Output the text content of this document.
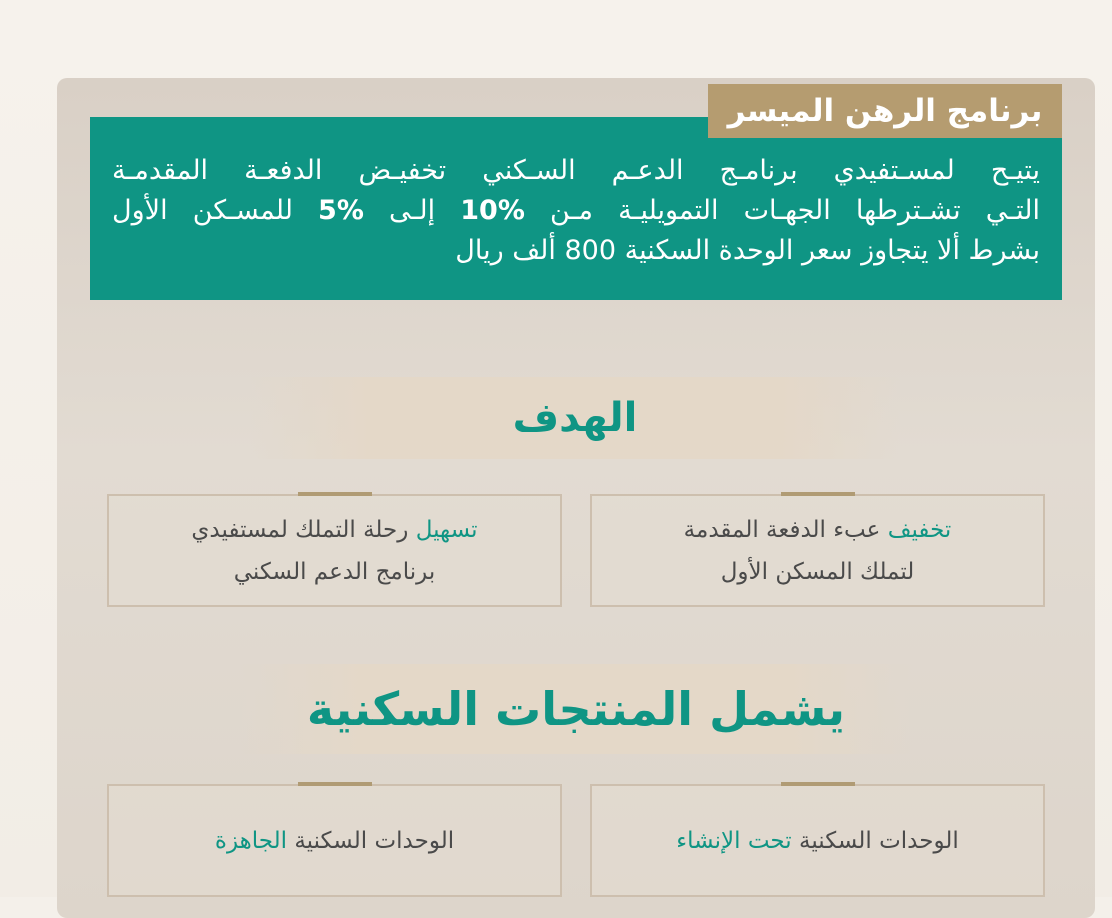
برنامج الرهن الميسر
يتيـح
لمسـتفيدي
برنامـج
الدعـم
السـكني
تخفيـض
الدفعـة
المقدمـة
التـي
تشـترطها
الجهـات
التمويليـة
مـن
10%
إلـى
5%
للمسـكن
الأول
بشرط ألا يتجاوز سعر الوحدة السكنية 800 ألف ريال
الهدف
تخفيف عبء الدفعة المقدمة
لتملك المسكن الأول
تسهيل رحلة التملك لمستفيدي
برنامج الدعم السكني
يشمل المنتجات السكنية
الوحدات السكنية تحت الإنشاء
الوحدات السكنية الجاهزة
